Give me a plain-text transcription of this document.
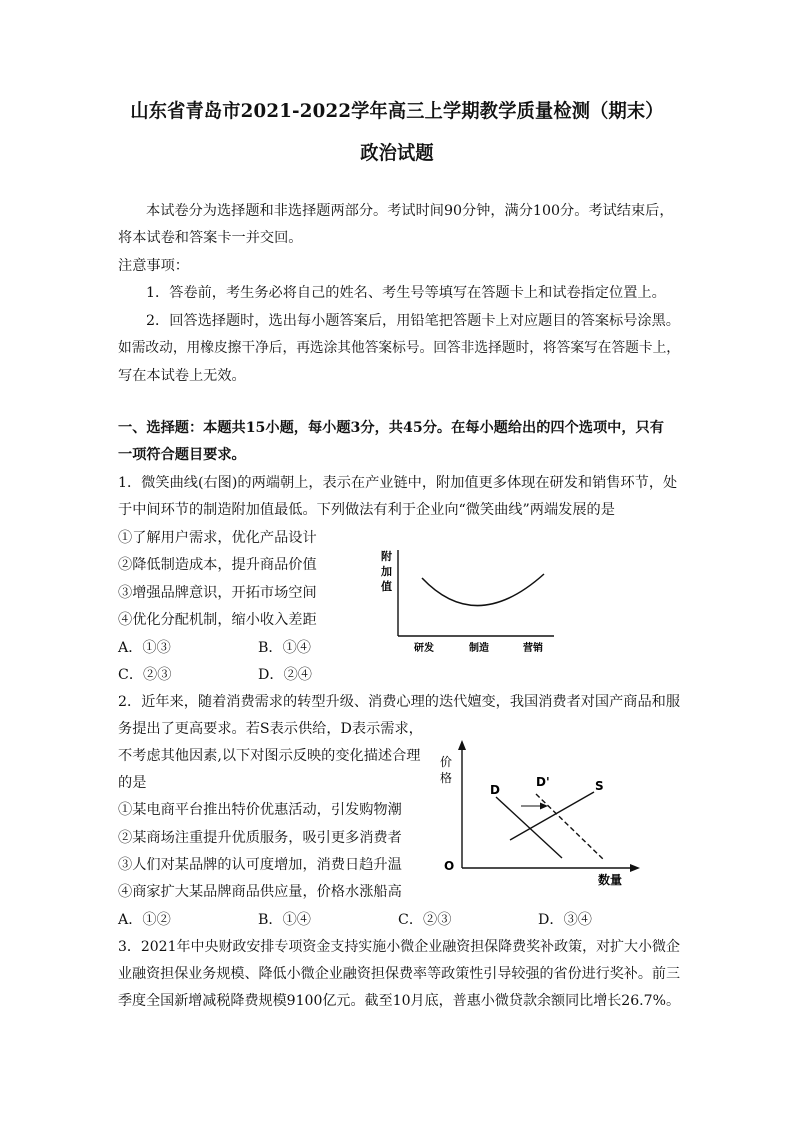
山东省青岛市2021-2022学年高三上学期教学质量检测（期末）
政治试题
本试卷分为选择题和非选择题两部分。考试时间90分钟，满分100分。考试结束后，
将本试卷和答案卡一并交回。
注意事项：
1．答卷前，考生务必将自己的姓名、考生号等填写在答题卡上和试卷指定位置上。
2．回答选择题时，选出每小题答案后，用铅笔把答题卡上对应题目的答案标号涂黑。
如需改动，用橡皮擦干净后，再选涂其他答案标号。回答非选择题时，将答案写在答题卡上，
写在本试卷上无效。
一、选择题：本题共15小题，每小题3分，共45分。在每小题给出的四个选项中，只有
一项符合题目要求。
1．微笑曲线(右图)的两端朝上，表示在产业链中，附加值更多体现在研发和销售环节，处
于中间环节的制造附加值最低。下列做法有利于企业向“微笑曲线”两端发展的是
①了解用户需求，优化产品设计
②降低制造成本，提升商品价值
③增强品牌意识，开拓市场空间
④优化分配机制，缩小收入差距
A．①③	B．①④
C．②③	D．②④
附
加
值
研发	制造	营销
2．近年来，随着消费需求的转型升级、消费心理的迭代嬗变，我国消费者对国产商品和服
务提出了更高要求。若S表示供给，D表示需求，
不考虑其他因素,以下对图示反映的变化描述合理
的是
①某电商平台推出特价优惠活动，引发购物潮
②某商场注重提升优质服务，吸引更多消费者
③人们对某品牌的认可度增加，消费日趋升温
④商家扩大某品牌商品供应量，价格水涨船高
A．①②	B．①④	C．②③	D．③④
价
格
O
D
D'	S
数量
3．2021年中央财政安排专项资金支持实施小微企业融资担保降费奖补政策，对扩大小微企
业融资担保业务规模、降低小微企业融资担保费率等政策性引导较强的省份进行奖补。前三
季度全国新增减税降费规模9100亿元。截至10月底，普惠小微贷款余额同比增长26.7%。
